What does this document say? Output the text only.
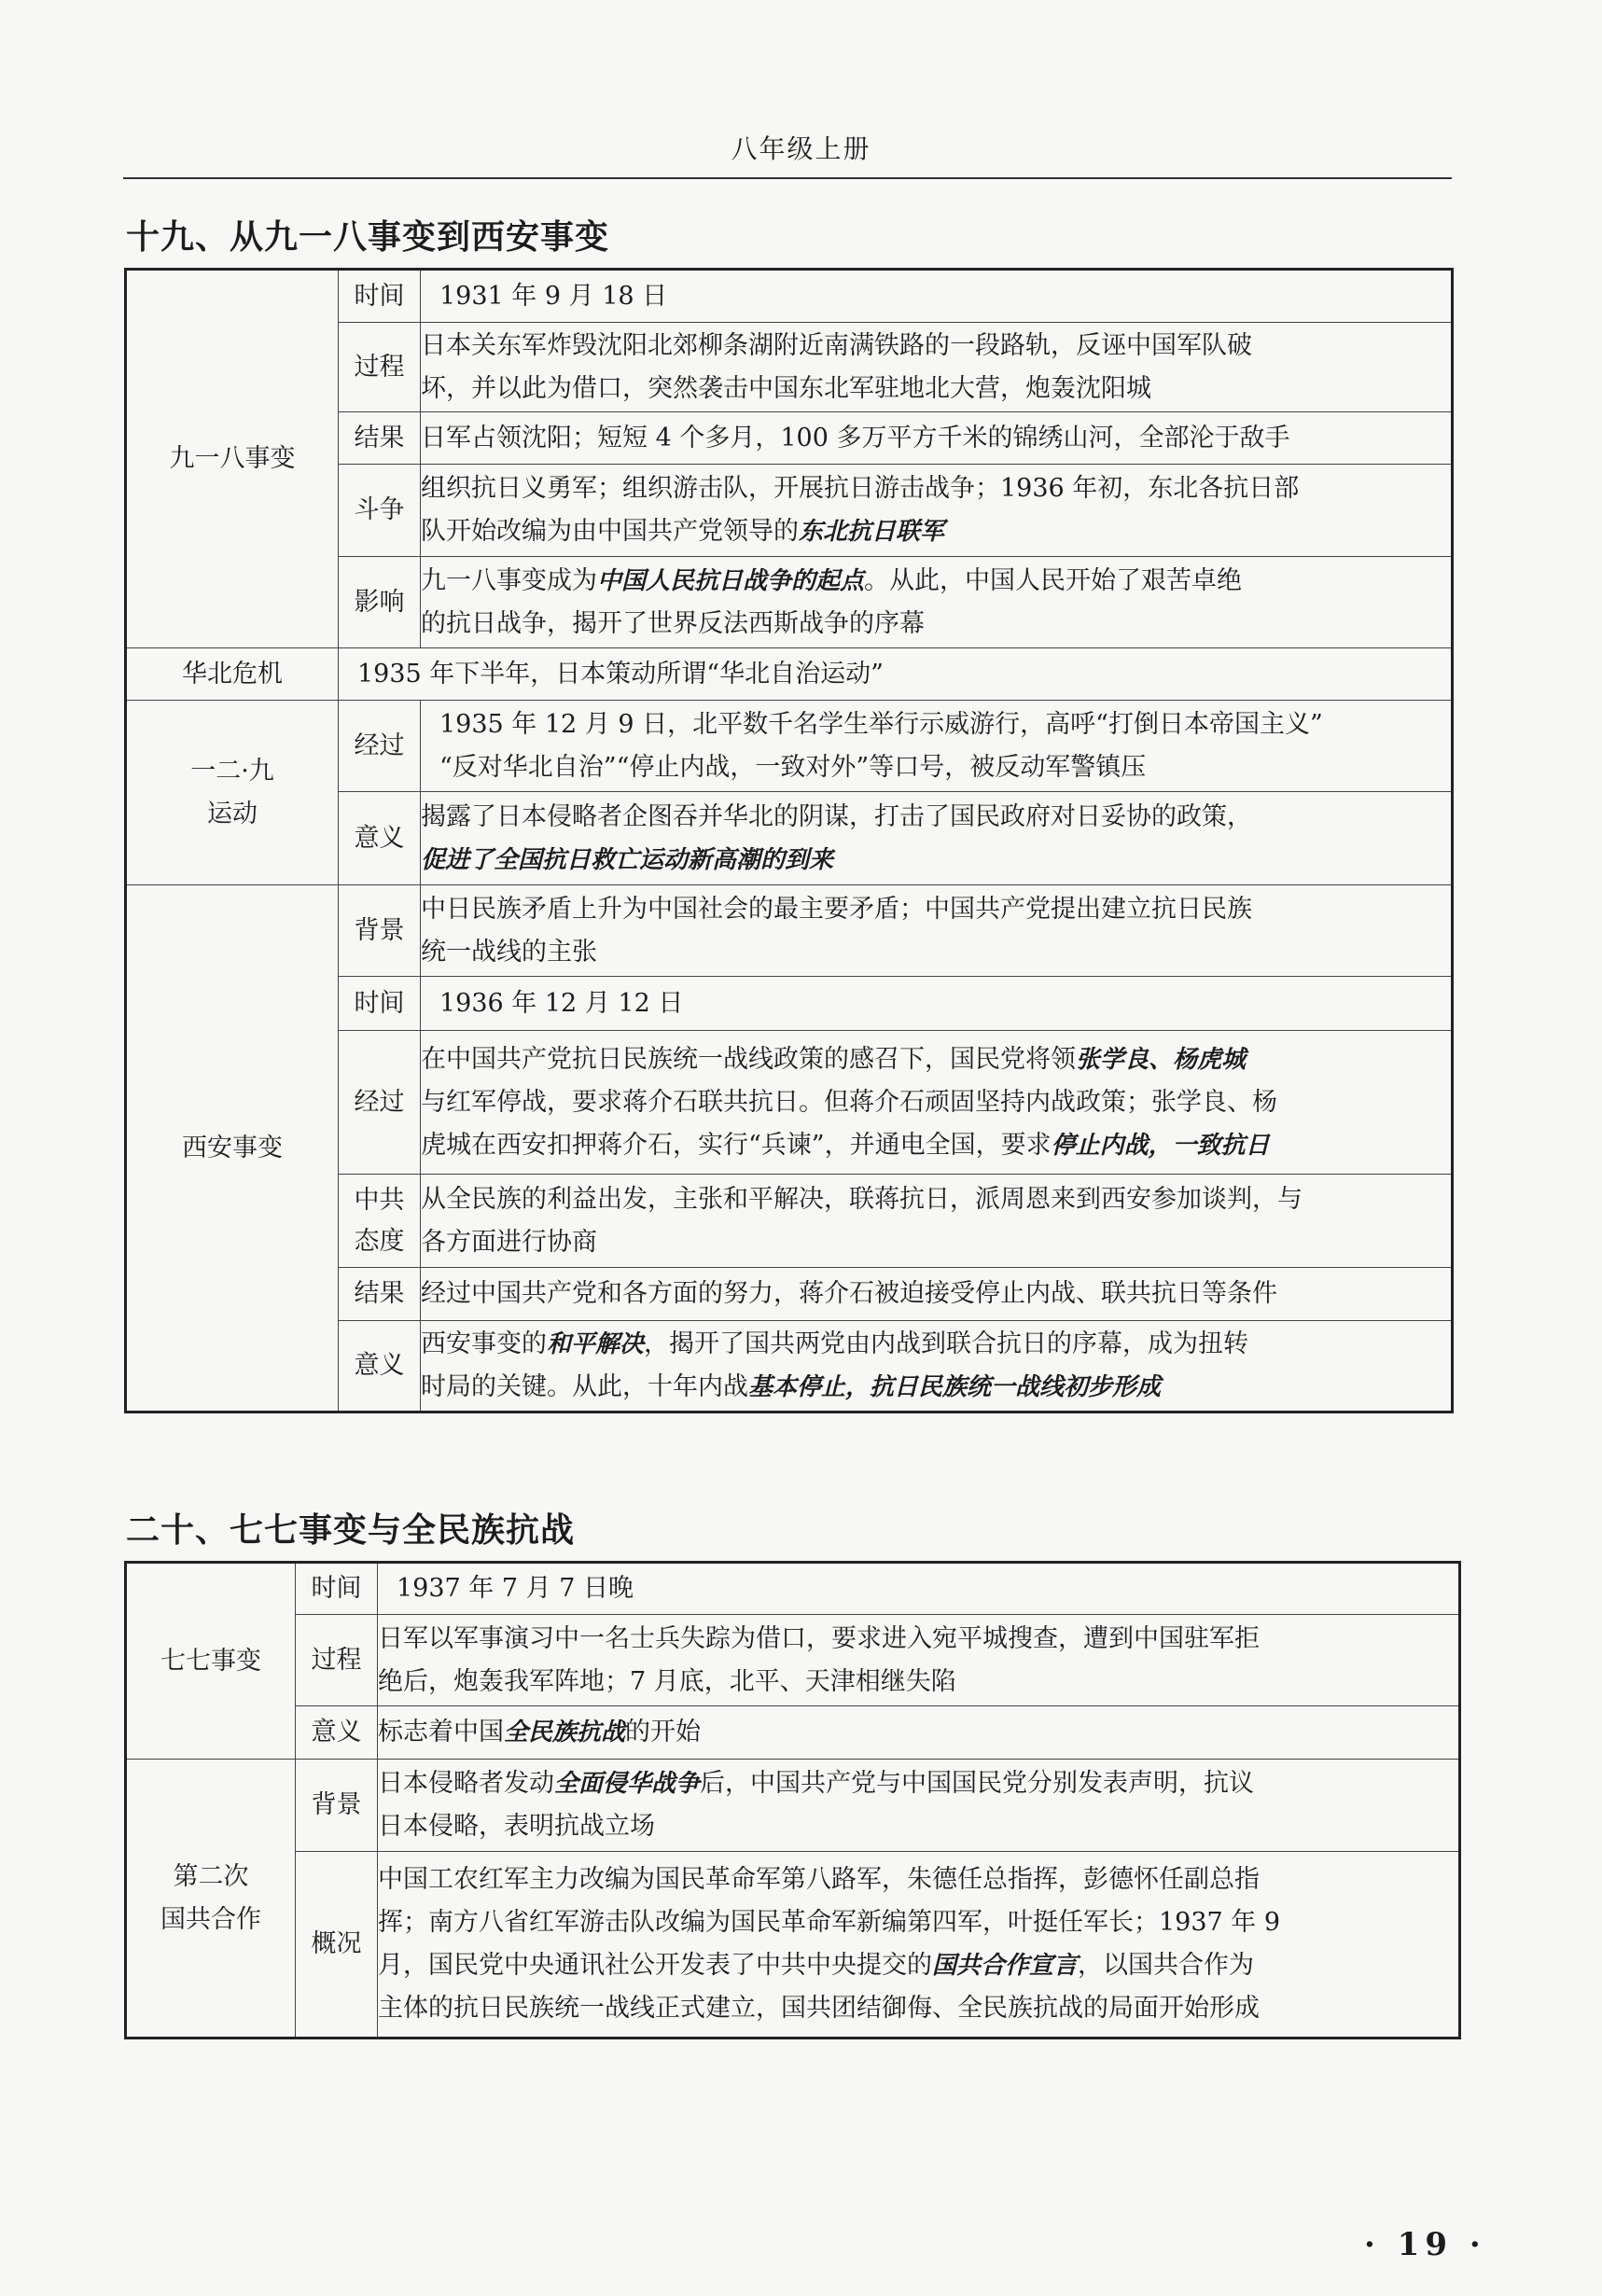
八年级上册
十九、从九一八事变到西安事变
九一八事变	时间	1931 年 9 月 18 日
	过程	日本关东军炸毁沈阳北郊柳条湖附近南满铁路的一段路轨，反诬中国军队破
坏，并以此为借口，突然袭击中国东北军驻地北大营，炮轰沈阳城
	结果	日军占领沈阳；短短 4 个多月，100 多万平方千米的锦绣山河，全部沦于敌手
	斗争	组织抗日义勇军；组织游击队，开展抗日游击战争；1936 年初，东北各抗日部
队开始改编为由中国共产党领导的东北抗日联军
	影响	九一八事变成为中国人民抗日战争的起点。从此，中国人民开始了艰苦卓绝
的抗日战争，揭开了世界反法西斯战争的序幕
华北危机	1935 年下半年，日本策动所谓“华北自治运动”	
一二·九
运动	经过	1935 年 12 月 9 日，北平数千名学生举行示威游行，高呼“打倒日本帝国主义”
“反对华北自治”“停止内战，一致对外”等口号，被反动军警镇压
	意义	揭露了日本侵略者企图吞并华北的阴谋，打击了国民政府对日妥协的政策，
促进了全国抗日救亡运动新高潮的到来
西安事变	背景	中日民族矛盾上升为中国社会的最主要矛盾；中国共产党提出建立抗日民族
统一战线的主张
	时间	1936 年 12 月 12 日
	经过	在中国共产党抗日民族统一战线政策的感召下，国民党将领张学良、杨虎城
与红军停战，要求蒋介石联共抗日。但蒋介石顽固坚持内战政策；张学良、杨
虎城在西安扣押蒋介石，实行“兵谏”，并通电全国，要求停止内战，一致抗日
	中共
态度	从全民族的利益出发，主张和平解决，联蒋抗日，派周恩来到西安参加谈判，与
各方面进行协商
	结果	经过中国共产党和各方面的努力，蒋介石被迫接受停止内战、联共抗日等条件
	意义	西安事变的和平解决，揭开了国共两党由内战到联合抗日的序幕，成为扭转
时局的关键。从此，十年内战基本停止，抗日民族统一战线初步形成
二十、七七事变与全民族抗战
七七事变	时间	1937 年 7 月 7 日晚
	过程	日军以军事演习中一名士兵失踪为借口，要求进入宛平城搜查，遭到中国驻军拒
绝后，炮轰我军阵地；7 月底，北平、天津相继失陷
	意义	标志着中国全民族抗战的开始
第二次
国共合作	背景	日本侵略者发动全面侵华战争后，中国共产党与中国国民党分别发表声明，抗议
日本侵略，表明抗战立场
	概况	中国工农红军主力改编为国民革命军第八路军，朱德任总指挥，彭德怀任副总指
挥；南方八省红军游击队改编为国民革命军新编第四军，叶挺任军长；1937 年 9
月，国民党中央通讯社公开发表了中共中央提交的国共合作宣言，以国共合作为
主体的抗日民族统一战线正式建立，国共团结御侮、全民族抗战的局面开始形成
· 19 ·
